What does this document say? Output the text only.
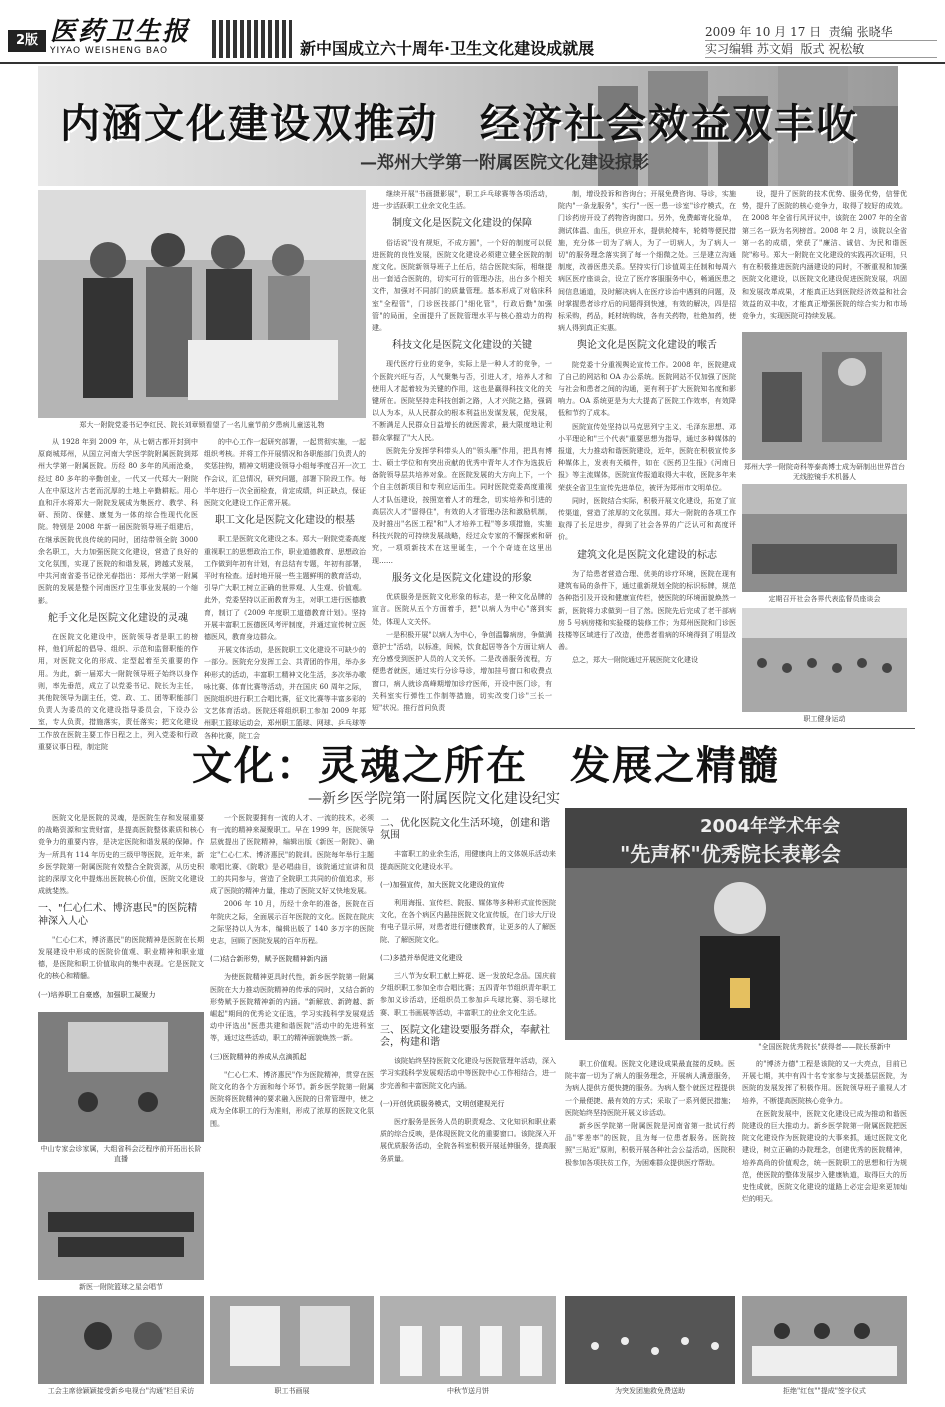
2版 医药卫生报
YIYAO WEISHENG BAO	新中国成立六十周年·卫生文化建设成就展
2009 年 10 月 17 日 责编 张晓华
实习编辑 苏文娟 版式 祝松敏
内涵文化建设双推动　经济社会效益双丰收
—郑州大学第一附属医院文化建设掠影
郑大一附院党委书记李红民、院长刘章锁看望了一名儿童节前夕患病儿童送礼物

从 1928 年到 2009 年，从七朝古都开封到中原商城郑州，从国立河南大学医学院附属医院到郑州大学第一附属医院。历经 80 多年的风雨沧桑，经过 80 多年的辛勤创业，一代又一代郑大一附院人在中原这片古老而沉厚的土地上辛勤耕耘。用心血和汗水将郑大一附院发展成为集医疗、教学、科研、预防、保健、康复为一体的综合性现代化医院。特别是 2008 年新一届医院领导班子组建后，在继承医院优良传统的同时，团结带领全院 3000 余名职工，大力加强医院文化建设，营造了良好的文化氛围，实现了医院的和谐发展，跨越式发展，中共河南省委书记徐光春指出：郑州大学第一附属医院的发展是整个河南医疗卫生事业发展的一个缩影。

舵手文化是医院文化建设的灵魂

在医院文化建设中，医院领导者是职工的榜样，他们所起的倡导、组织、示范和监督职能的作用，对医院文化的形成、定型起着至关重要的作用。为此，新一届郑大一附院领导班子始终以身作则，率先垂范，成立了以党委书记、院长为主任，其他院领导为副主任，党、政、工、团等职能部门负责人为委员的文化建设指导委员会，下设办公室，专人负责，措施落实，责任落实；把文化建设工作放在医院主要工作日程之上，列入党委和行政重要议事日程，制定院

的中心工作一起研究部署，一起贯彻实施，一起组织考核。并将工作开展情况和各职能部门负责人的奖惩挂钩，精神文明建设领导小组每季度召开一次工作会议，汇总情况，研究问题，部署下阶段工作。每半年进行一次全面检查，肯定成绩，纠正缺点，保证医院文化建设工作正常开展。

职工文化是医院文化建设的根基

职工是医院文化建设之本。郑大一附院党委高度重视职工的思想政治工作，职业道德教育、思想政治工作做到年初有计划，有总结有专题，年初有部署，平时有检查。适时地开展一些主题鲜明的教育活动，引导广大职工树立正确的世界观、人生观、价值观。此外，党委坚持以正面教育为主，对职工进行医德教育，制订了《2009 年度职工道德教育计划》。坚持开展丰富职工医德医风考评制度，并通过宣传树立医德医风，教育身边群众。

开展文体活动，是医院职工文化建设不可缺少的一部分。医院充分发挥工会、共青团的作用，举办多种形式的活动，丰富职工精神文化生活，多次举办歌咏比赛、体育比赛等活动，并在国庆 60 周年之际，医院组织进行职工合唱比赛，征文比赛等丰富多彩的文艺体育活动。医院还将组织职工参加 2009 年郑州职工篮球运动会，郑州职工篮球、网球、乒乓球等各种比赛，院工会

继续开展"书画摄影展"，职工乒乓球赛等各项活动，进一步活跃职工业余文化生活。

制度文化是医院文化建设的保障

俗话说"没有规矩，不成方圆"，一个好的制度可以促进医院的良性发展，医院文化建设必须建立健全医院的制度文化。医院新领导班子上任后，结合医院实际，相继提出一套适合医院的，切实可行的管理办法，出台多个相关文件，加强对不同部门的质量管理。基本形成了对临床科室"全程管"，门诊医技部门"细化管"，行政后勤"加强管"的局面，全面提升了医院管理水平与核心推动力的构建。

科技文化是医院文化建设的关键

现代医疗行业的竞争，实际上是一种人才的竞争，一个医院兴旺与否，人气聚集与否，引进人才，培养人才和使用人才起着较为关键的作用，这也是赢得科技文化的关键所在。医院坚持走科技创新之路，人才兴院之路，强调以人为本，从人民群众的根本利益出发谋发展，促发展，不断满足人民群众日益增长的就医需求，最大限度地让利群众掌握了"大人民。

医院先分发挥学科带头人的"领头雁"作用，把具有博士、硕士学位和有突出贡献的优秀中青年人才作为选拔后备院领导层共培养对象。在医院发展的大方向上下，一个个自主创新项目和专利应运而生。同时医院党委高度重视人才队伍建设，按照宽着人才的理念，切实培养和引进的高层次人才"留得住"，有效的人才管理办法和激励机制，及时推出"名医工程"和"人才培养工程"等多项措施，实施科技兴院的可持续发展战略，经过众专家的不懈探索和研究，一项项新技术在这里诞生，一个个奇迹在这里出现……

服务文化是医院文化建设的形象

优质服务是医院文化形象的标志，是一种文化品牌的宣言。医院从五个方面着手，把"以病人为中心"落到实处，体现人文关怀。

一是积极开展"以病人为中心，争创温馨病房，争做满意护士"活动，以标准，间候，饮食起居等各个方面让病人充分感受到医护人员的人文关怀。二是改善服务流程，方便患者就医，通过实行分诊导诊，增加挂号窗口和收费点窗口，病人就诊高峰期增加诊疗医师，开设中医门诊，有关科室实行弹性工作制等措施，切实改变门诊"三长一短"状况。推行首问负责

制，增设投诉和咨询台；开展免费咨询、导诊，实施院内"一条龙服务"，实行"一医一患一诊室"诊疗模式，在门诊药房开设了药物咨询窗口。另外，免费邮寄化验单，测试体温、血压，供应开水，提供轮椅车，轮椅等便民措施，充分体一切为了病人，为了一切病人，为了病人一切"的服务理念落实到了每一个细微之处。三是建立沟通制度，改善医患关系。坚持实行门诊值周主任制和每周六病区医疗座谈会，设立了医疗客服服务中心，畅通医患之间信息通道，及时解决病人在医疗诊治中遇到的问题，及时掌握患者诊疗后的问题得到快速，有效的解决，四是招标采购，药品，耗材统购统，各有关药物，杜绝加药，使病人得到真正实惠。

舆论文化是医院文化建设的喉舌

院党委十分重视舆论宣传工作。2008 年，医院建成了自己的网站和 OA 办公系统。医院网站不仅加强了医院与社会和患者之间的沟通，更有利于扩大医院知名度和影响力。OA 系统更是为大大提高了医院工作效率，有效降低和节约了成本。

医院宣传处坚持以马克思列宁主义、毛泽东思想、邓小平理论和"三个代表"重要思想为指导，通过多种媒体的报道，大力推动和谐医院建设，近年，医院在积极宣传多种媒体上，发表有关稿件，如在《医药卫生报》《河南日报》等主流媒体，医院宣传报道取得大丰收，医院多年来荣获全省卫生宣传先进单位，被评为郑州市文明单位。

同时，医院结合实际，积极开展文化建设，拓宽了宣传渠道，营造了浓厚的文化氛围。郑大一附院的各项工作取得了长足进步，得到了社会各界的广泛认可和高度评价。

建筑文化是医院文化建设的标志

为了给患者营造合理、优美的诊疗环境，医院在现有建筑布局的条件下，通过重新规划全院的标识标牌，规范各种指引及开设和健康宣传栏，使医院的环境面貌焕然一新，医院将力求做到一目了然。医院先后完成了老干部病房 5 号病房楼和实验楼的装修工作；为郑州医院和门诊医技楼等区域进行了改造，使患者看病的环境得到了明显改善。

总之，郑大一附院通过开展医院文化建设

设，提升了医院的技术优势、服务优势，信誉优势，提升了医院的核心竞争力，取得了较好的成效。在 2008 年全省行风评议中，该院在 2007 年的全省第三名一跃为名列榜首。2008 年 2 月，该院以全省第一名的成绩，荣获了"廉洁、诚信、为民和谐医院"称号。郑大一附院在文化建设的实践再次证明，只有在积极推进医院内涵建设的同时，不断重视和加强医院文化建设，以医院文化建设促进医院发展，巩固和发展改革成果，才能真正达到医院经济效益和社会效益的双丰收，才能真正增强医院的综合实力和市场竞争力，实现医院可持续发展。

郑州大学一附院奇科等泰高博士成为研制出世界首台无线腔镜手术机器人
定期召开社会各界代表监督员座谈会
职工健身运动
文化：灵魂之所在　发展之精髓
—新乡医学院第一附属医院文化建设纪实

医院文化是医院的灵魂，是医院生存和发展重要的战略资源和宝贵财富，是提高医院整体素质和核心竞争力的重要内容，是决定医院和谐发展的保障。作为一所具有 114 年历史的三级甲等医院，近年来，新乡医学院第一附属医院有效整合全院资源，从历史积淀的深厚文化中提炼出医院核心价值，医院文化建设成就斐然。

一、"仁心仁术、博济惠民"的医院精神深入人心

"仁心仁术，博济惠民"的医院精神是医院在长期发展建设中形成的医院价值观、职业精神和职业道德，是医院和职工价值取向的集中表现。它是医院文化的核心和精髓。

(一)培养职工自豪感，加强职工凝聚力
中山专家会诊家属，大组省科会泛程序前开拓出长阶直播
新医一附院篮球之星会唱节

一个医院要拥有一流的人才、一流的技术，必须有一流的精神来凝聚职工。早在 1999 年，医院领导层就提出了医院精神，编辑出版《新医一附院》、确定"仁心仁术、博济惠民"的院训。医院每年举行主题歌唱比赛、《院歌》是必唱曲目，该院通过宣讲和员工的共同参与，营造了全院职工共同的价值追求，形成了医院的精神力量，推动了医院又好又快地发展。

2006 年 10 月，历经十余年的准备，医院在百年院庆之际，全面展示百年医院的文化。医院在院庆之际坚持以人为本，编辑出版了 140 多万字的医院史志，回顾了医院发展的百年历程。

(二)结合新形势，赋予医院精神新内涵

为使医院精神更具时代性，新乡医学院第一附属医院在大力推动医院精神的传承的同时，又结合新的形势赋予医院精神新的内涵。"新解放、新跨越、新崛起"期间的优秀论文征选，学习实践科学发展观活动中评选出"医患共建和谐医院"活动中的先进科室等，通过这些活动，职工的精神面貌焕然一新。

(三)医院精神的养成从点滴抓起

"仁心仁术、博济惠民"作为医院精神，贯穿在医院文化的各个方面和每个环节。新乡医学院第一附属医院将医院精神的要求融入医院的日常管理中，使之成为全体职工的行为准则，形成了浓厚的医院文化氛围。

二、优化医院文化生活环境，创建和谐氛围

丰富职工的业余生活，用健康向上的文体娱乐活动来提高医院文化建设水平。

(一)加强宣传，加大医院文化建设的宣传

利用海报、宣传栏、院报、媒体等多种形式宣传医院文化，在各个病区内悬挂医院文化宣传版，在门诊大厅设有电子显示屏，对患者进行健康教育，让更多的人了解医院、了解医院文化。

(二)多措并举促进文化建设

三八节为女职工献上鲜花、逐一发放纪念品。国庆前夕组织职工参加全市合唱比赛；五四青年节组织青年职工参加义诊活动，还组织员工参加乒乓球比赛、羽毛球比赛、职工书画展等活动，丰富职工的业余文化生活。

三、医院文化建设要服务群众，奉献社会，构建和谐

该院始终坚持医院文化建设与医院管理年活动，深入学习实践科学发展观活动中等医院中心工作相结合，进一步完善和丰富医院文化内涵。

(一)开创优质服务模式，文明创建视光行

医疗服务是医务人员的职责观念、文化知识和职业素质的综合反映，是体现医院文化的重要窗口。该院深入开展优质服务活动，全院各科室积极开展延伸服务，提高服务质量。

2004年学术年会
"先声杯"优秀院长表彰会
"全国医院优秀院长"获得者——院长蔡新中

职工价值观。医院文化建设成果最直接的反映。医院丰富一切为了病人的服务理念，开展病人满意服务，为病人提供方便快捷的服务。为病人整个就医过程提供一个最便捷、最有效的方式；采取了一系列便民措施；医院始终坚持医院开展义诊活动。

新乡医学院第一附属医院是河南省第一批试行药品"零差率"的医院，且为每一位患者服务。医院按照"三贴近"原则，积极开展各种社会公益活动，医院积极参加各项扶贫工作，为困难群众提供医疗帮助。

的"博济力德"工程是该院的又一大亮点，目前已开展七期，其中有四十名专家参与支援基层医院，为医院的发展发挥了积极作用。医院领导班子重视人才培养，不断提高医院核心竞争力。

在医院发展中，医院文化建设已成为推动和谐医院建设的巨大推动力。新乡医学院第一附属医院把医院文化建设作为医院建设的大事来抓，通过医院文化建设，树立正确的办院理念，创建优秀的医院精神，培养高尚的价值观念，统一医院职工的思想和行为规范，使医院的整体发展步入健康轨道，取得巨大的历史性成就，医院文化建设的道路上必定会迎来更加灿烂的明天。

工会主席徐颖颖接受新乡电视台"沟通"栏目采访	职工书画展	中秋节送月饼	为突发团施救免费送助	拒绝"红包""提成"签字仪式
